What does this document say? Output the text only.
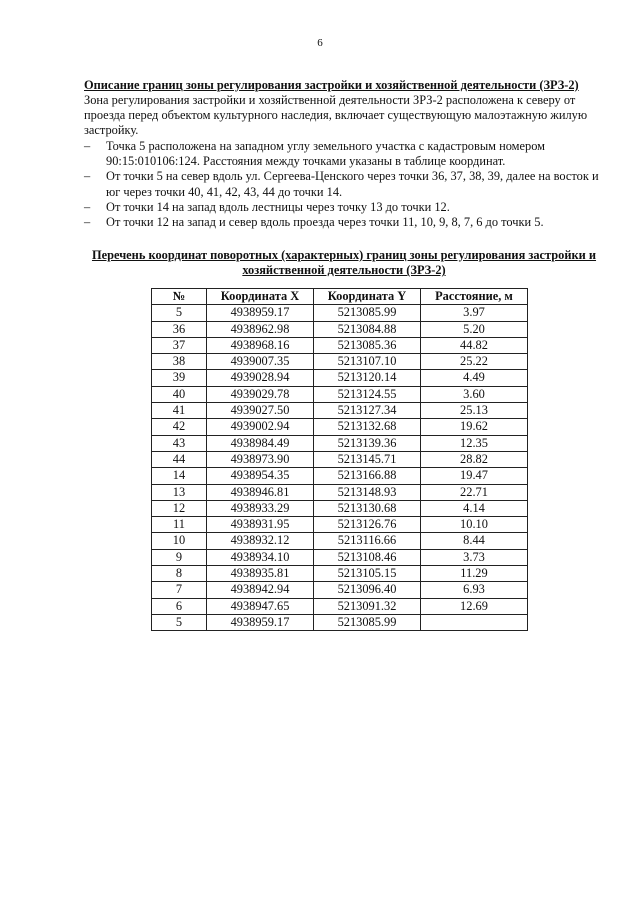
6
Описание границ зоны регулирования застройки и хозяйственной деятельности (ЗРЗ-2)
Зона регулирования застройки и хозяйственной деятельности ЗРЗ-2 расположена к северу от проезда перед объектом культурного наследия, включает существующую малоэтажную жилую застройку.
– Точка 5 расположена на западном углу земельного участка с кадастровым номером 90:15:010106:124. Расстояния между точками указаны в таблице координат.
– От точки 5 на север вдоль ул. Сергеева-Ценского через точки 36, 37, 38, 39, далее на восток и юг через точки 40, 41, 42, 43, 44 до точки 14.
– От точки 14 на запад вдоль лестницы через точку 13 до точки 12.
– От точки 12 на запад и север вдоль проезда через точки 11, 10, 9, 8, 7, 6 до точки 5.
Перечень координат поворотных (характерных) границ зоны регулирования застройки и хозяйственной деятельности (ЗРЗ-2)
№	Координата X	Координата Y	Расстояние, м
5	4938959.17	5213085.99	3.97
36	4938962.98	5213084.88	5.20
37	4938968.16	5213085.36	44.82
38	4939007.35	5213107.10	25.22
39	4939028.94	5213120.14	4.49
40	4939029.78	5213124.55	3.60
41	4939027.50	5213127.34	25.13
42	4939002.94	5213132.68	19.62
43	4938984.49	5213139.36	12.35
44	4938973.90	5213145.71	28.82
14	4938954.35	5213166.88	19.47
13	4938946.81	5213148.93	22.71
12	4938933.29	5213130.68	4.14
11	4938931.95	5213126.76	10.10
10	4938932.12	5213116.66	8.44
9	4938934.10	5213108.46	3.73
8	4938935.81	5213105.15	11.29
7	4938942.94	5213096.40	6.93
6	4938947.65	5213091.32	12.69
5	4938959.17	5213085.99	
